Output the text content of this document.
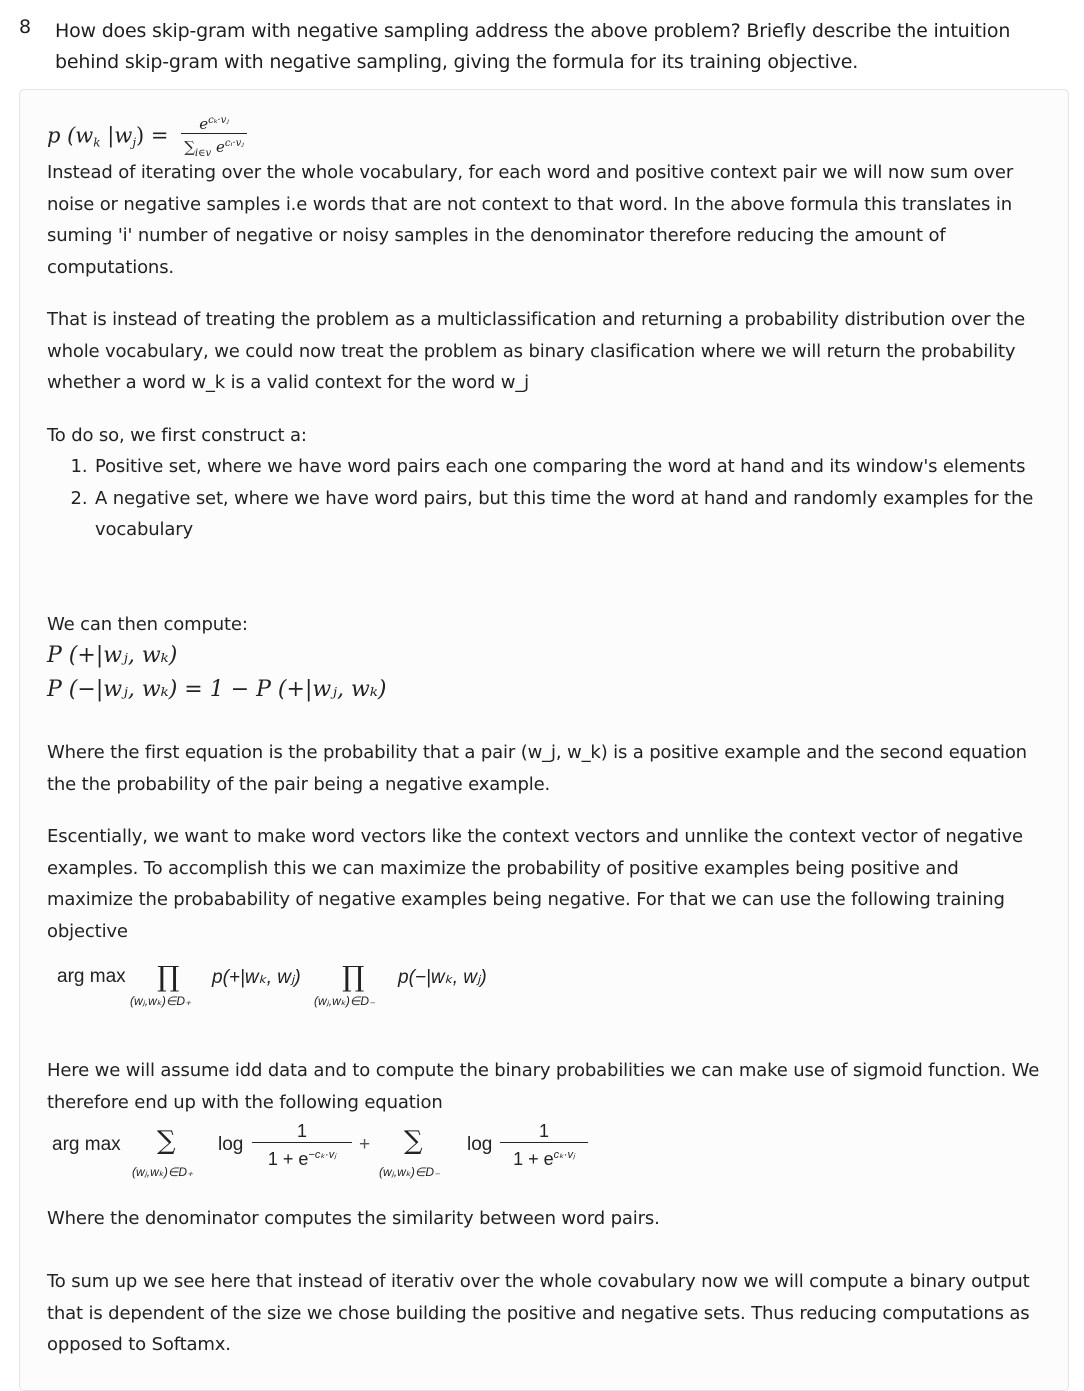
8 How does skip-gram with negative sampling address the above problem? Briefly describe the intuition behind skip-gram with negative sampling, giving the formula for its training objective.
p ($w_k$ $|w_j) = \frac{e^{c_k\cdot vⱼ}}{\sum_{i\in v} e^{cᵢ\cdot vⱼ}}$
Instead of iterating over the whole vocabulary, for each word and positive context pair we will now sum over noise or negative samples i.e words that are not context to that word. In the above formula this translates in suming 'i' number of negative or noisy samples in the denominator therefore reducing the amount of computations.
That is instead of treating the problem as a multiclassification and returning a probability distribution over the whole vocabulary, we could now treat the problem as binary clasification where we will return the probability whether a word w_k is a valid context for the word w_j
To do so, we first construct a:
1. Positive set, where we have word pairs each one comparing the word at hand and its window's elements
2. A negative set, where we have word pairs, but this time the word at hand and randomly examples for the vocabulary
We can then compute:
P (+|wⱼ, wₖ)
P (−|wⱼ, wₖ) = 1 − P (+|wⱼ, wₖ)
Where the first equation is the probability that a pair (w_j, w_k) is a positive example and the second equation the the probability of the pair being a negative example.
Escentially, we want to make word vectors like the context vectors and unnlike the context vector of negative examples. To accomplish this we can maximize the probability of positive examples being positive and maximize the probabability of negative examples being negative. For that we can use the following training objective
arg max ∏
(wⱼ,wₖ)∈D₊
p(+|wₖ, wⱼ) ∏
(wⱼ,wₖ)∈D₋
p(−|wₖ, wⱼ)
Here we will assume idd data and to compute the binary probabilities we can make use of sigmoid function. We therefore end up with the following equation
arg max ∑
(wⱼ,wₖ)∈D₊
$\log \frac{1}{1 + e^{-c_k\cdot vⱼ}}$ + ∑
(wⱼ,wₖ)∈D₋
log
1
$1 + e^{c_k\cdot vⱼ}$
Where the denominator computes the similarity between word pairs.
To sum up we see here that instead of iterativ over the whole covabulary now we will compute a binary output that is dependent of the size we chose building the positive and negative sets. Thus reducing computations as opposed to Softamx.
